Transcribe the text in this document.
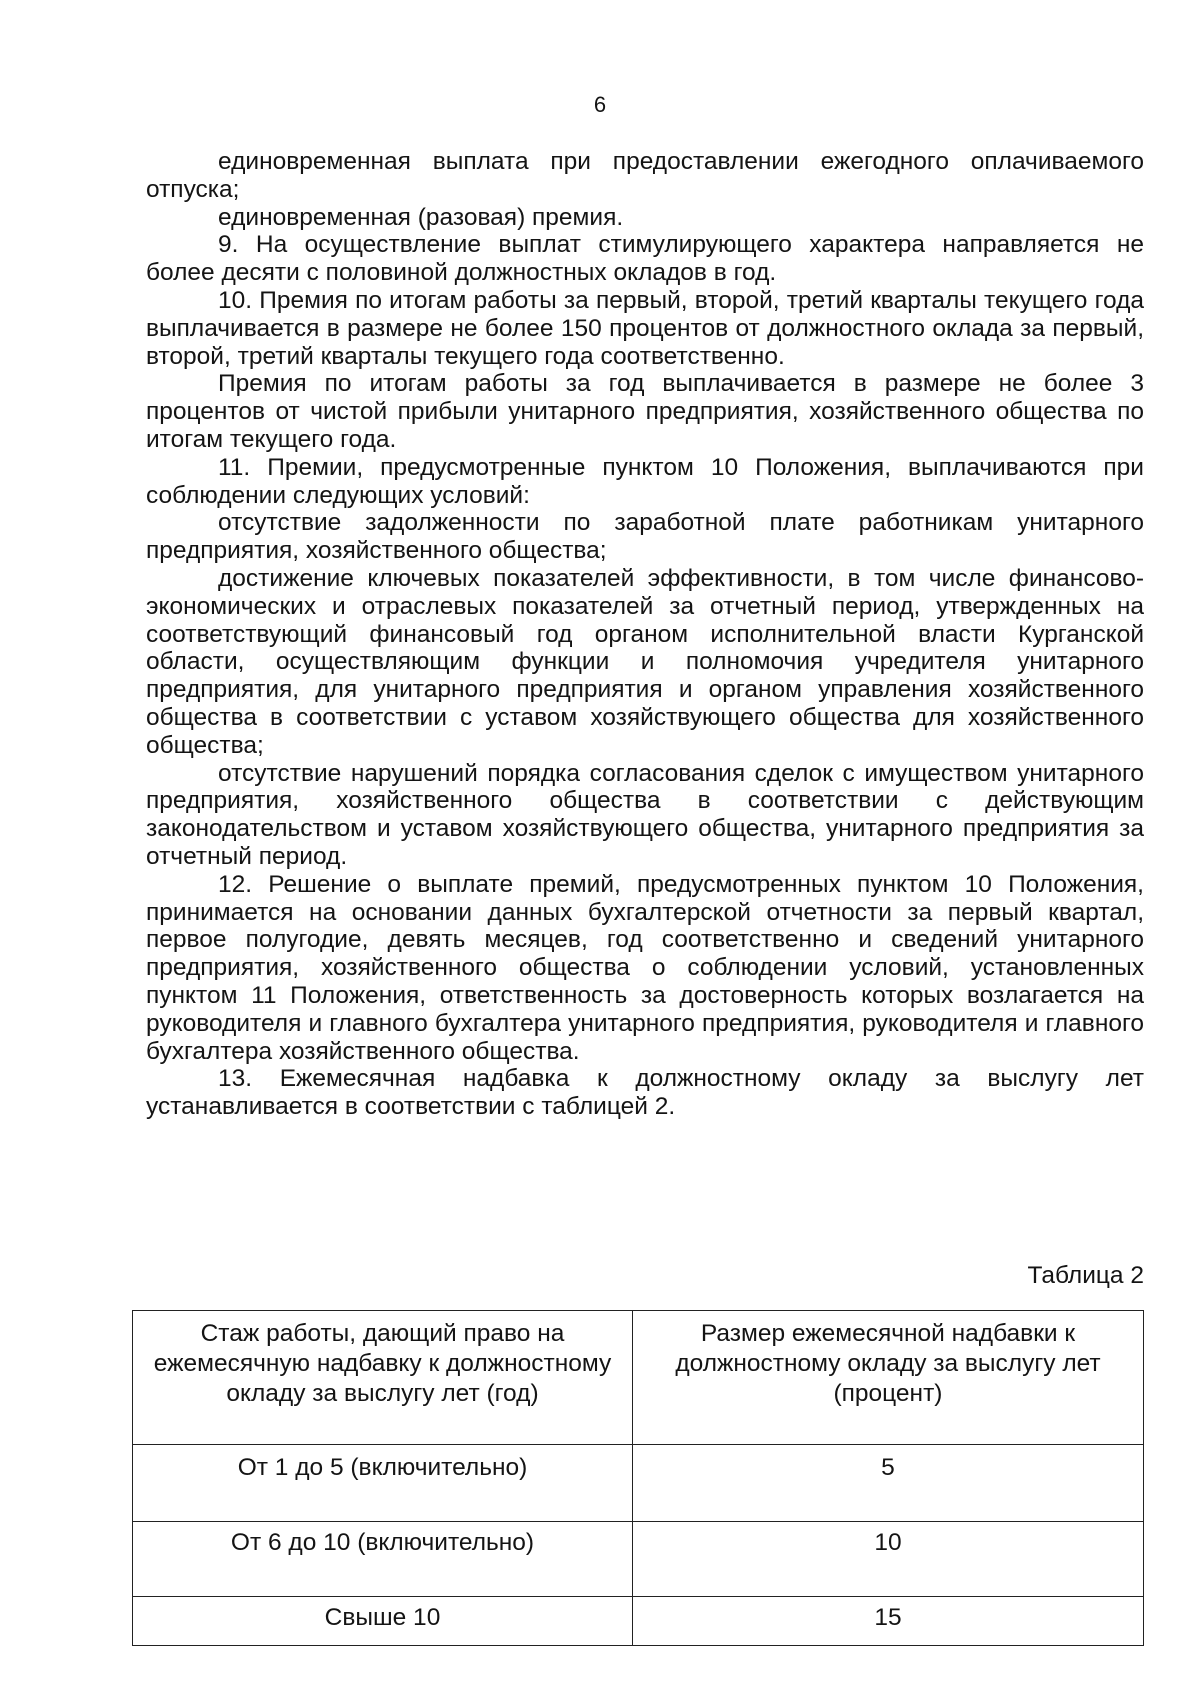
6

единовременная выплата при предоставлении ежегодного оплачиваемого отпуска;

единовременная (разовая) премия.

9. На осуществление выплат стимулирующего характера направляется не более десяти с половиной должностных окладов в год.

10. Премия по итогам работы за первый, второй, третий кварталы текущего года выплачивается в размере не более 150 процентов от должностного оклада за первый, второй, третий кварталы текущего года соответственно.

Премия по итогам работы за год выплачивается в размере не более 3 процентов от чистой прибыли унитарного предприятия, хозяйственного общества по итогам текущего года.

11. Премии, предусмотренные пунктом 10 Положения, выплачиваются при соблюдении следующих условий:

отсутствие задолженности по заработной плате работникам унитарного предприятия, хозяйственного общества;

достижение ключевых показателей эффективности, в том числе финансово-экономических и отраслевых показателей за отчетный период, утвержденных на соответствующий финансовый год органом исполнительной власти Курганской области, осуществляющим функции и полномочия учредителя унитарного предприятия, для унитарного предприятия и органом управления хозяйственного общества в соответствии с уставом хозяйствующего общества для хозяйственного общества;

отсутствие нарушений порядка согласования сделок с имуществом унитарного предприятия, хозяйственного общества в соответствии с действующим законодательством и уставом хозяйствующего общества, унитарного предприятия за отчетный период.

12. Решение о выплате премий, предусмотренных пунктом 10 Положения, принимается на основании данных бухгалтерской отчетности за первый квартал, первое полугодие, девять месяцев, год соответственно и сведений унитарного предприятия, хозяйственного общества о соблюдении условий, установленных пунктом 11 Положения, ответственность за достоверность которых возлагается на руководителя и главного бухгалтера унитарного предприятия, руководителя и главного бухгалтера хозяйственного общества.

13. Ежемесячная надбавка к должностному окладу за выслугу лет устанавливается в соответствии с таблицей 2.

Таблица 2
Стаж работы, дающий право на ежемесячную надбавку к должностному окладу за выслугу лет (год)	Размер ежемесячной надбавки к должностному окладу за выслугу лет (процент)
От 1 до 5 (включительно)	5
От 6 до 10 (включительно)	10
Свыше 10	15
